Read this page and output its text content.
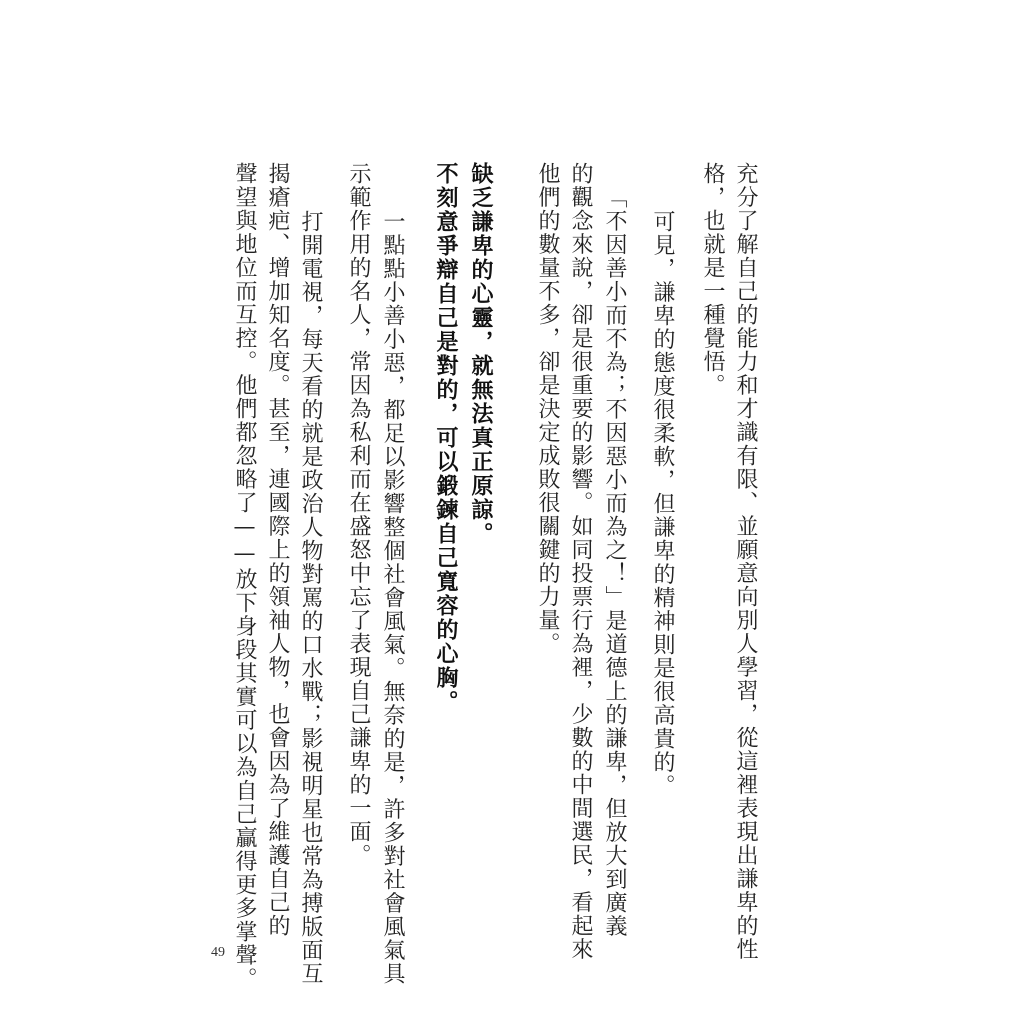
充分了解自己的能力和才識有限、並願意向別人學習，從這裡表現出謙卑的性
格，也就是一種覺悟。
可見，謙卑的態度很柔軟，但謙卑的精神則是很高貴的。
「不因善小而不為；不因惡小而為之！」是道德上的謙卑，但放大到廣義
的觀念來說，卻是很重要的影響。如同投票行為裡，少數的中間選民，看起來
他們的數量不多，卻是決定成敗很關鍵的力量。
缺乏謙卑的心靈，就無法真正原諒。
不刻意爭辯自己是對的，可以鍛鍊自己寬容的心胸。
一點點小善小惡，都足以影響整個社會風氣。無奈的是，許多對社會風氣具
示範作用的名人，常因為私利而在盛怒中忘了表現自己謙卑的一面。
打開電視，每天看的就是政治人物對罵的口水戰；影視明星也常為搏版面互
揭瘡疤、增加知名度。甚至，連國際上的領袖人物，也會因為了維護自己的
聲望與地位而互控。他們都忽略了——放下身段其實可以為自己贏得更多掌聲。
49
